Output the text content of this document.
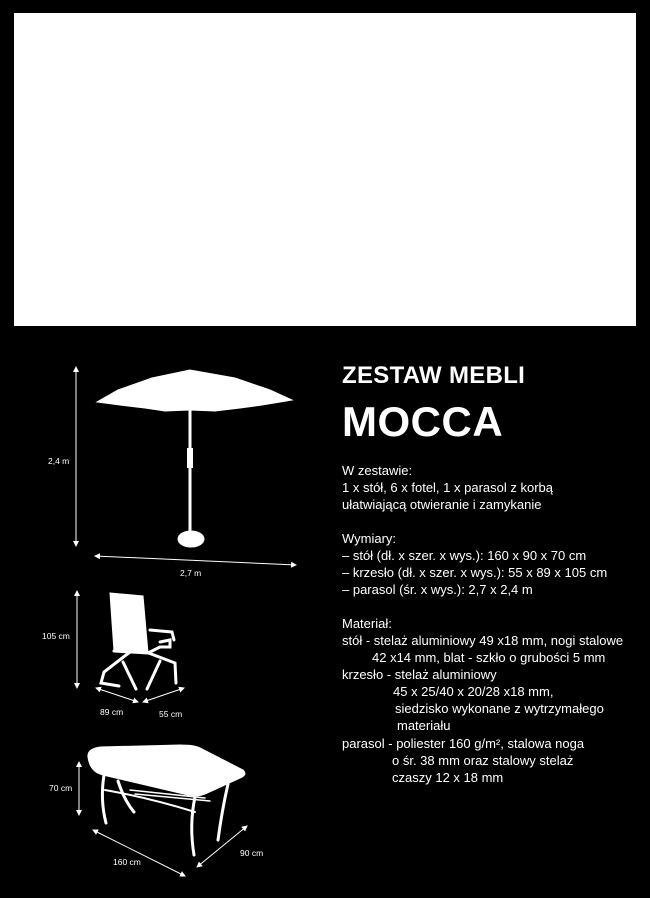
2,4 m
2,7 m
105 cm
89 cm	55 cm
70 cm
160 cm
90 cm
ZESTAW MEBLI
MOCCA
W zestawie:
1 x stół, 6 x fotel, 1 x parasol z korbą
ułatwiającą otwieranie i zamykanie
Wymiary:
– stół (dł. x szer. x wys.): 160 x 90 x 70 cm
– krzesło (dł. x szer. x wys.): 55 x 89 x 105 cm
– parasol (śr. x wys.): 2,7 x 2,4 m
Materiał:
stół - stelaż aluminiowy 49 x18 mm, nogi stalowe
42 x14 mm, blat - szkło o grubości 5 mm
krzesło - stelaż aluminiowy
45 x 25/40 x 20/28 x18 mm,
siedzisko wykonane z wytrzymałego
materiału
parasol - poliester 160 g/m², stalowa noga
o śr. 38 mm oraz stalowy stelaż
czaszy 12 x 18 mm
